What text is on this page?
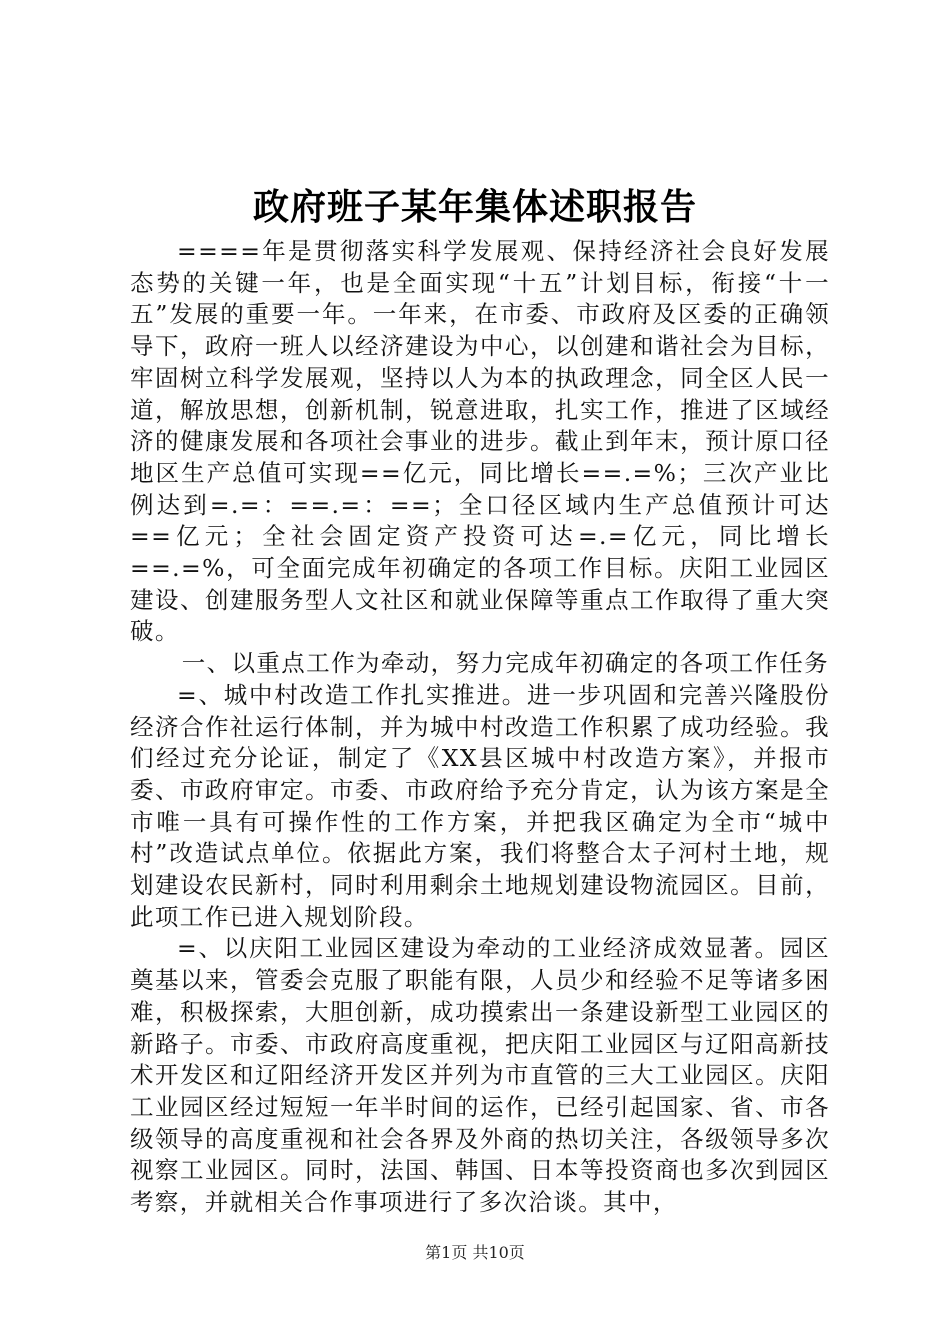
政府班子某年集体述职报告

====年是贯彻落实科学发展观、保持经济社会良好发展态势的关键一年，也是全面实现“十五”计划目标，衔接“十一五”发展的重要一年。一年来，在市委、市政府及区委的正确领导下，政府一班人以经济建设为中心，以创建和谐社会为目标，牢固树立科学发展观，坚持以人为本的执政理念，同全区人民一道，解放思想，创新机制，锐意进取，扎实工作，推进了区域经济的健康发展和各项社会事业的进步。截止到年末，预计原口径地区生产总值可实现==亿元，同比增长==.=%；三次产业比例达到=.=：==.=：==；全口径区域内生产总值预计可达==亿元；全社会固定资产投资可达=.=亿元，同比增长==.=%，可全面完成年初确定的各项工作目标。庆阳工业园区建设、创建服务型人文社区和就业保障等重点工作取得了重大突破。

一、以重点工作为牵动，努力完成年初确定的各项工作任务

=、城中村改造工作扎实推进。进一步巩固和完善兴隆股份经济合作社运行体制，并为城中村改造工作积累了成功经验。我们经过充分论证，制定了《XX县区城中村改造方案》，并报市委、市政府审定。市委、市政府给予充分肯定，认为该方案是全市唯一具有可操作性的工作方案，并把我区确定为全市“城中村”改造试点单位。依据此方案，我们将整合太子河村土地，规划建设农民新村，同时利用剩余土地规划建设物流园区。目前，此项工作已进入规划阶段。

=、以庆阳工业园区建设为牵动的工业经济成效显著。园区奠基以来，管委会克服了职能有限，人员少和经验不足等诸多困难，积极探索，大胆创新，成功摸索出一条建设新型工业园区的新路子。市委、市政府高度重视，把庆阳工业园区与辽阳高新技术开发区和辽阳经济开发区并列为市直管的三大工业园区。庆阳工业园区经过短短一年半时间的运作，已经引起国家、省、市各级领导的高度重视和社会各界及外商的热切关注，各级领导多次视察工业园区。同时，法国、韩国、日本等投资商也多次到园区考察，并就相关合作事项进行了多次洽谈。其中，

第1页 共10页
